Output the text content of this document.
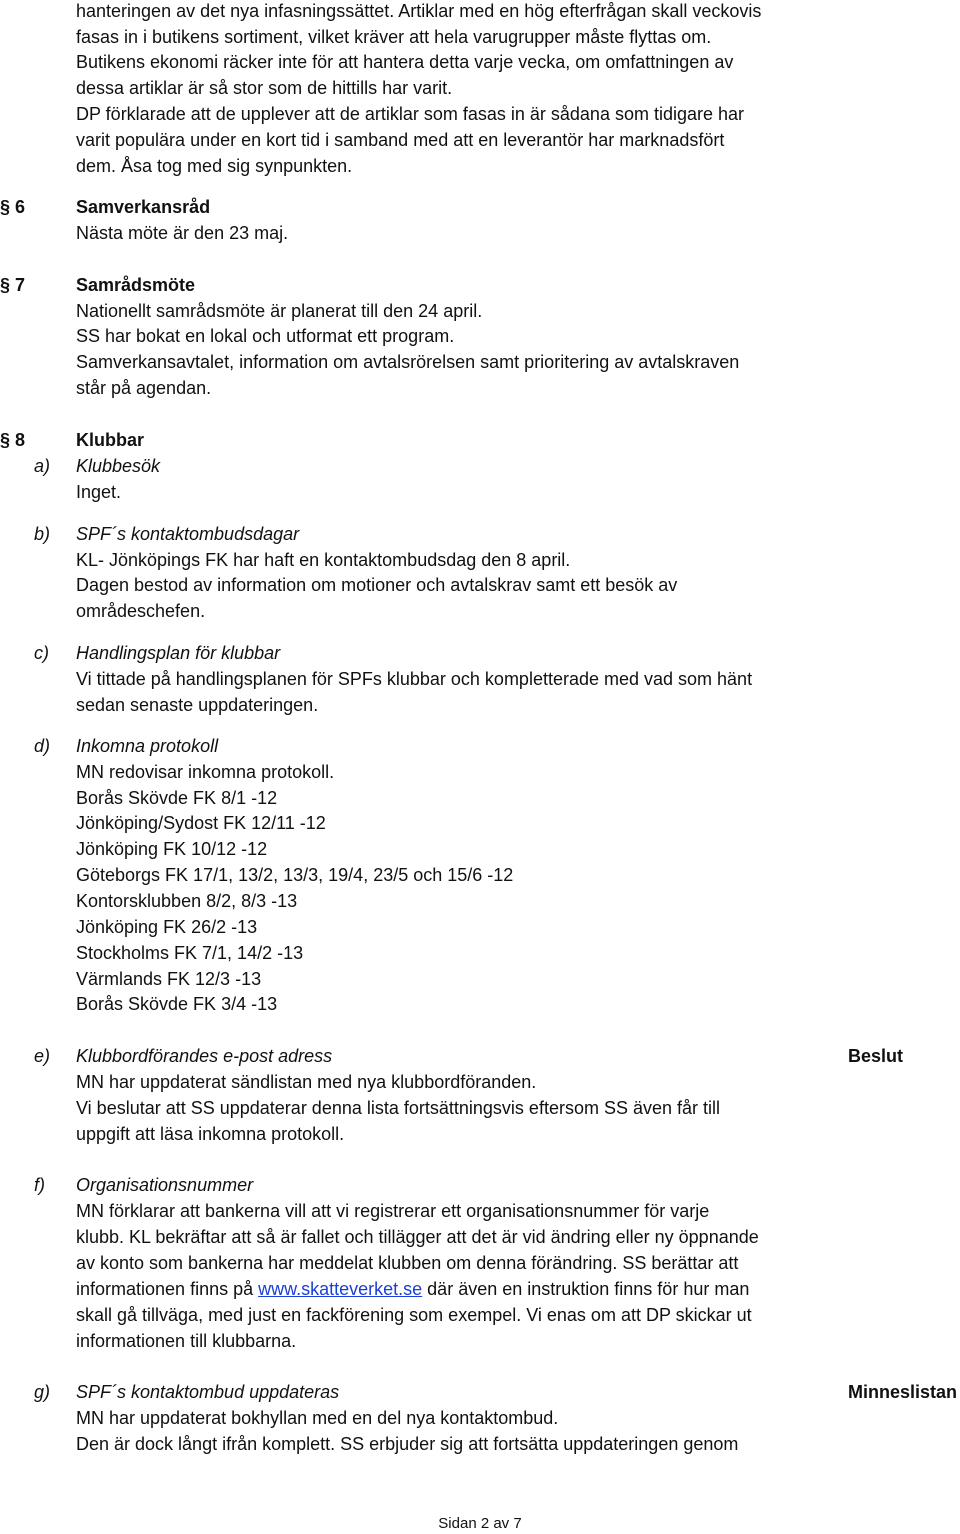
hanteringen av det nya infasningssättet. Artiklar med en hög efterfrågan skall veckovis
fasas in i butikens sortiment, vilket kräver att hela varugrupper måste flyttas om.
Butikens ekonomi räcker inte för att hantera detta varje vecka, om omfattningen av
dessa artiklar är så stor som de hittills har varit.
DP förklarade att de upplever att de artiklar som fasas in är sådana som tidigare har
varit populära under en kort tid i samband med att en leverantör har marknadsfört
dem. Åsa tog med sig synpunkten.
§ 6	Samverkansråd
Nästa möte är den 23 maj.
§ 7	Samrådsmöte
Nationellt samrådsmöte är planerat till den 24 april.
SS har bokat en lokal och utformat ett program.
Samverkansavtalet, information om avtalsrörelsen samt prioritering av avtalskraven
står på agendan.
§ 8	Klubbar
a) Klubbesök
Inget.
b) SPF´s kontaktombudsdagar
KL- Jönköpings FK har haft en kontaktombudsdag den 8 april.
Dagen bestod av information om motioner och avtalskrav samt ett besök av
områdeschefen.
c) Handlingsplan för klubbar
Vi tittade på handlingsplanen för SPFs klubbar och kompletterade med vad som hänt
sedan senaste uppdateringen.
d) Inkomna protokoll
MN redovisar inkomna protokoll.
Borås Skövde FK 8/1 -12
Jönköping/Sydost FK 12/11 -12
Jönköping FK 10/12 -12
Göteborgs FK 17/1, 13/2, 13/3, 19/4, 23/5 och 15/6 -12
Kontorsklubben 8/2, 8/3 -13
Jönköping FK 26/2 -13
Stockholms FK 7/1, 14/2 -13
Värmlands FK 12/3 -13
Borås Skövde FK 3/4 -13
e) Klubbordförandes e-post adress	Beslut
MN har uppdaterat sändlistan med nya klubbordföranden.
Vi beslutar att SS uppdaterar denna lista fortsättningsvis eftersom SS även får till
uppgift att läsa inkomna protokoll.
f) Organisationsnummer
MN förklarar att bankerna vill att vi registrerar ett organisationsnummer för varje
klubb. KL bekräftar att så är fallet och tillägger att det är vid ändring eller ny öppnande
av konto som bankerna har meddelat klubben om denna förändring. SS berättar att
informationen finns på www.skatteverket.se där även en instruktion finns för hur man
skall gå tillväga, med just en fackförening som exempel. Vi enas om att DP skickar ut
informationen till klubbarna.
g) SPF´s kontaktombud uppdateras	Minneslistan
MN har uppdaterat bokhyllan med en del nya kontaktombud.
Den är dock långt ifrån komplett. SS erbjuder sig att fortsätta uppdateringen genom
Sidan 2 av 7
